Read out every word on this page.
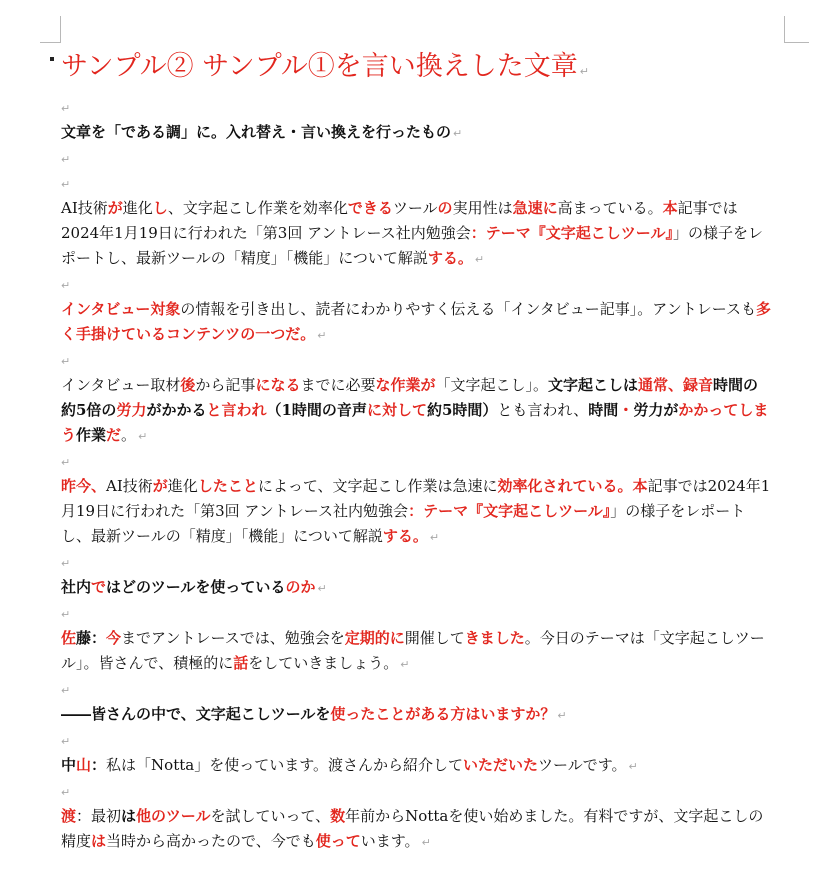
サンプル② サンプル①を言い換えした文章 ↵
↵
文章を「である調」に。入れ替え・言い換えを行ったもの ↵
↵
↵
AI技術が進化し、文字起こし作業を効率化できるツールの実用性は急速に高まっている。本記事では2024年1月19日に行われた「第3回 アントレース社内勉強会：テーマ『文字起こしツール』」の様子をレポートし、最新ツールの「精度」「機能」について解説する。 ↵
↵
インタビュー対象の情報を引き出し、読者にわかりやすく伝える「インタビュー記事」。アントレースも多く手掛けているコンテンツの一つだ。 ↵
↵
インタビュー取材後から記事になるまでに必要な作業が「文字起こし」。文字起こしは通常、録音時間の約5倍の労力がかかると言われ（1時間の音声に対して約5時間）とも言われ、時間・労力がかかってしまう作業だ。 ↵
↵
昨今、AI技術が進化したことによって、文字起こし作業は急速に効率化されている。本記事では2024年1月19日に行われた「第3回 アントレース社内勉強会：テーマ『文字起こしツール』」の様子をレポートし、最新ツールの「精度」「機能」について解説する。 ↵
↵
社内ではどのツールを使っているのか ↵
↵
佐藤：今までアントレースでは、勉強会を定期的に開催してきました。今日のテーマは「文字起こしツール」。皆さんで、積極的に話をしていきましょう。 ↵
↵
――皆さんの中で、文字起こしツールを使ったことがある方はいますか？ ↵
↵
中山：私は「Notta」を使っています。渡さんから紹介していただいたツールです。 ↵
↵
渡：最初は他のツールを試していって、数年前からNottaを使い始めました。有料ですが、文字起こしの精度は当時から高かったので、今でも使っています。 ↵
